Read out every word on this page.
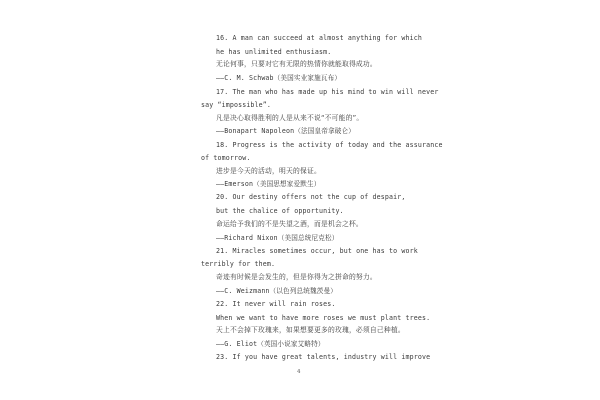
16. A man can succeed at almost anything for which
he has unlimited enthusiasm.
无论何事，只要对它有无限的热情你就能取得成功。
——C. M. Schwab（美国实业家施瓦布）
17. The man who has made up his mind to win will never
say “impossible”.
凡是决心取得胜利的人是从来不说“不可能的”。
——Bonapart Napoleon（法国皇帝拿破仑）
18. Progress is the activity of today and the assurance
of tomorrow.
进步是今天的活动，明天的保证。
——Emerson（美国思想家爱默生）
20. Our destiny offers not the cup of despair,
but the chalice of opportunity.
命运给予我们的不是失望之酒，而是机会之杯。
——Richard Nixon（美国总统尼克松）
21. Miracles sometimes occur, but one has to work
terribly for them.
奇迹有时候是会发生的，但是你得为之拼命的努力。
——C. Weizmann（以色列总统魏茨曼）
22. It never will rain roses.
When we want to have more roses we must plant trees.
天上不会掉下玫瑰来，如果想要更多的玫瑰，必须自己种植。
——G. Eliot（英国小说家艾略特）
23. If you have great talents, industry will improve
4
